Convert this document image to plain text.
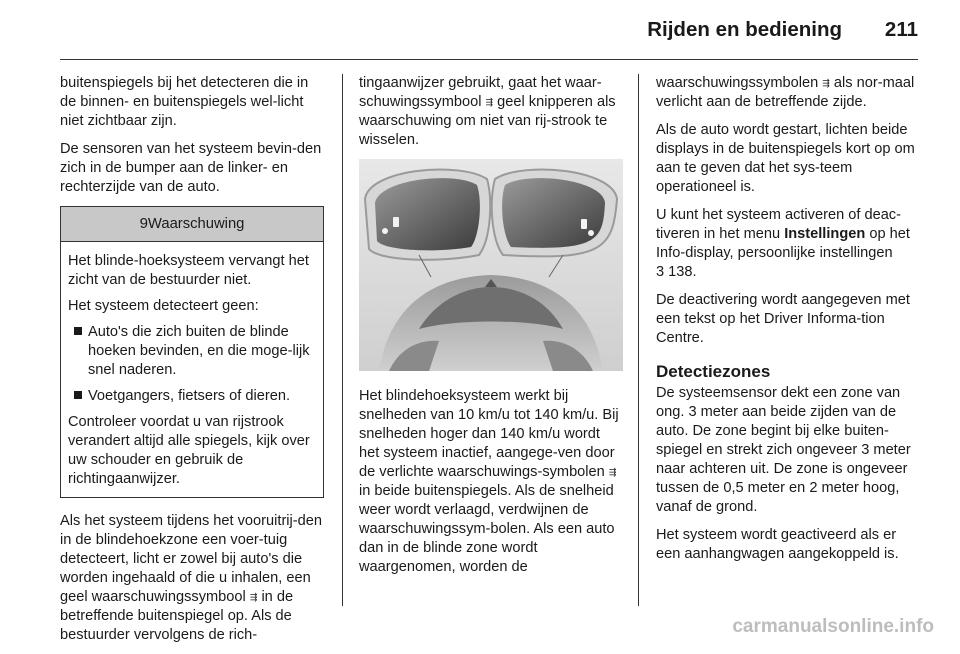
Rijden en bediening 211

buitenspiegels bij het detecteren die in de binnen- en buitenspiegels wel-licht niet zichtbaar zijn.

De sensoren van het systeem bevin-den zich in de bumper aan de linker- en rechterzijde van de auto.

9Waarschuwing

Het blinde-hoeksysteem vervangt het zicht van de bestuurder niet.

Het systeem detecteert geen:

Auto's die zich buiten de blinde hoeken bevinden, en die moge-lijk snel naderen.
Voetgangers, fietsers of dieren.

Controleer voordat u van rijstrook verandert altijd alle spiegels, kijk over uw schouder en gebruik de richtingaanwijzer.

Als het systeem tijdens het vooruitrij-den in de blindehoekzone een voer-tuig detecteert, licht er zowel bij auto's die worden ingehaald of die u inhalen, een geel waarschuwingssymbool ⇶ in de betreffende buitenspiegel op. Als de bestuurder vervolgens de rich-

tingaanwijzer gebruikt, gaat het waar-schuwingssymbool ⇶ geel knipperen als waarschuwing om niet van rij-strook te wisselen.

Het blindehoeksysteem werkt bij snelheden van 10 km/u tot 140 km/u. Bij snelheden hoger dan 140 km/u wordt het systeem inactief, aangege-ven door de verlichte waarschuwings-symbolen ⇶ in beide buitenspiegels. Als de snelheid weer wordt verlaagd, verdwijnen de waarschuwingssym-bolen. Als een auto dan in de blinde zone wordt waargenomen, worden de

waarschuwingssymbolen ⇶ als nor-maal verlicht aan de betreffende zijde.

Als de auto wordt gestart, lichten beide displays in de buitenspiegels kort op om aan te geven dat het sys-teem operationeel is.

U kunt het systeem activeren of deac-tiveren in het menu Instellingen op het Info-display, persoonlijke instellingen
3 138.

De deactivering wordt aangegeven met een tekst op het Driver Informa-tion Centre.

Detectiezones

De systeemsensor dekt een zone van ong. 3 meter aan beide zijden van de auto. De zone begint bij elke buiten-spiegel en strekt zich ongeveer 3 meter naar achteren uit. De zone is ongeveer tussen de 0,5 meter en 2 meter hoog, vanaf de grond.

Het systeem wordt geactiveerd als er een aanhangwagen aangekoppeld is.

carmanualsonline.info
